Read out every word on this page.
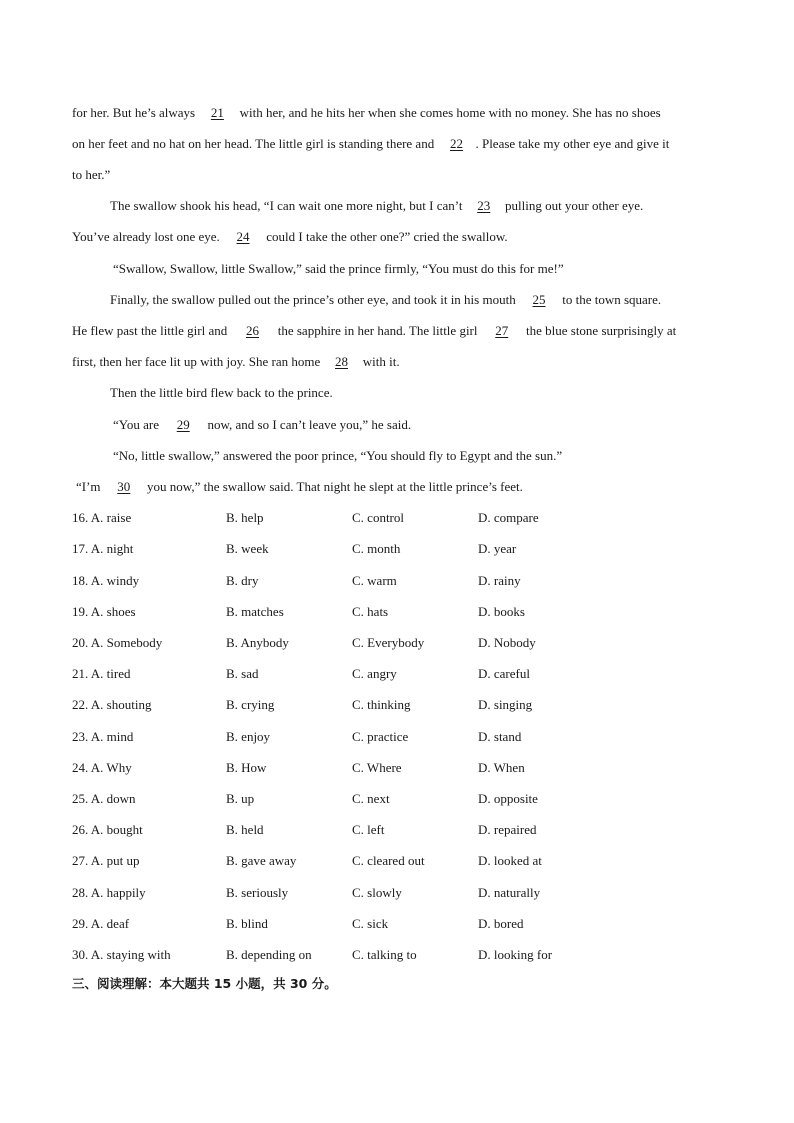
for her. But he’s always 21 with her, and he hits her when she comes home with no money. She has no shoes
on her feet and no hat on her head. The little girl is standing there and 22 . Please take my other eye and give it
to her.”
The swallow shook his head, “I can wait one more night, but I can’t 23 pulling out your other eye.
You’ve already lost one eye. 24 could I take the other one?” cried the swallow.
“Swallow, Swallow, little Swallow,” said the prince firmly, “You must do this for me!”
Finally, the swallow pulled out the prince’s other eye, and took it in his mouth 25 to the town square.
He flew past the little girl and 26 the sapphire in her hand. The little girl 27 the blue stone surprisingly at
first, then her face lit up with joy. She ran home 28 with it.
Then the little bird flew back to the prince.
“You are 29 now, and so I can’t leave you,” he said.
“No, little swallow,” answered the poor prince, “You should fly to Egypt and the sun.”
“I’m 30 you now,” the swallow said. That night he slept at the little prince’s feet.
16. A. raise	B. help	C. control	D. compare
17. A. night	B. week	C. month	D. year
18. A. windy	B. dry	C. warm	D. rainy
19. A. shoes	B. matches	C. hats	D. books
20. A. Somebody	B. Anybody	C. Everybody	D. Nobody
21. A. tired	B. sad	C. angry	D. careful
22. A. shouting	B. crying	C. thinking	D. singing
23. A. mind	B. enjoy	C. practice	D. stand
24. A. Why	B. How	C. Where	D. When
25. A. down	B. up	C. next	D. opposite
26. A. bought	B. held	C. left	D. repaired
27. A. put up	B. gave away	C. cleared out	D. looked at
28. A. happily	B. seriously	C. slowly	D. naturally
29. A. deaf	B. blind	C. sick	D. bored
30. A. staying with	B. depending on	C. talking to	D. looking for
三、阅读理解：本大题共 15 小题，共 30 分。
